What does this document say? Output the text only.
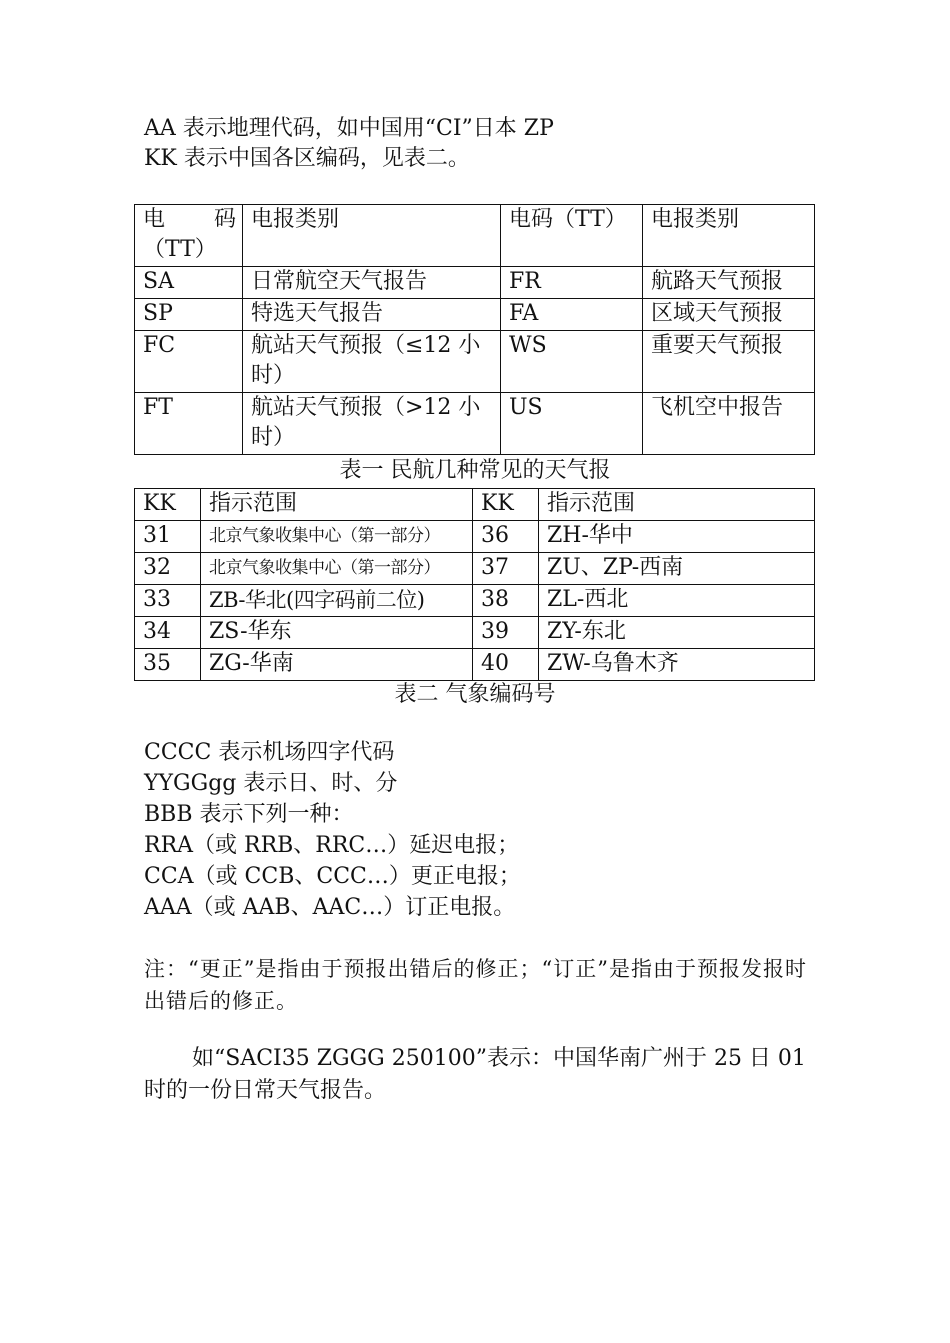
AA 表示地理代码，如中国用“CI”日本 ZP
KK 表示中国各区编码，见表二。
电 码
（TT）	电报类别	电码（TT）	电报类别
SA	日常航空天气报告	FR	航路天气预报
SP	特选天气报告	FA	区域天气预报
FC	航站天气预报（≤12 小时）	WS	重要天气预报
FT	航站天气预报（>12 小时）	US	飞机空中报告
表一 民航几种常见的天气报
KK	指示范围	KK	指示范围
31	北京气象收集中心（第一部分）	36	ZH-华中
32	北京气象收集中心（第一部分）	37	ZU、ZP-西南
33	ZB-华北(四字码前二位)	38	ZL-西北
34	ZS-华东	39	ZY-东北
35	ZG-华南	40	ZW-乌鲁木齐
表二 气象编码号
CCCC 表示机场四字代码
YYGGgg 表示日、时、分
BBB 表示下列一种：
RRA（或 RRB、RRC…）延迟电报；
CCA（或 CCB、CCC…）更正电报；
AAA（或 AAB、AAC…）订正电报。
注：“更正”是指由于预报出错后的修正；“订正”是指由于预报发报时出错后的修正。
如“SACI35 ZGGG 250100”表示：中国华南广州于 25 日 01 时的一份日常天气报告。
